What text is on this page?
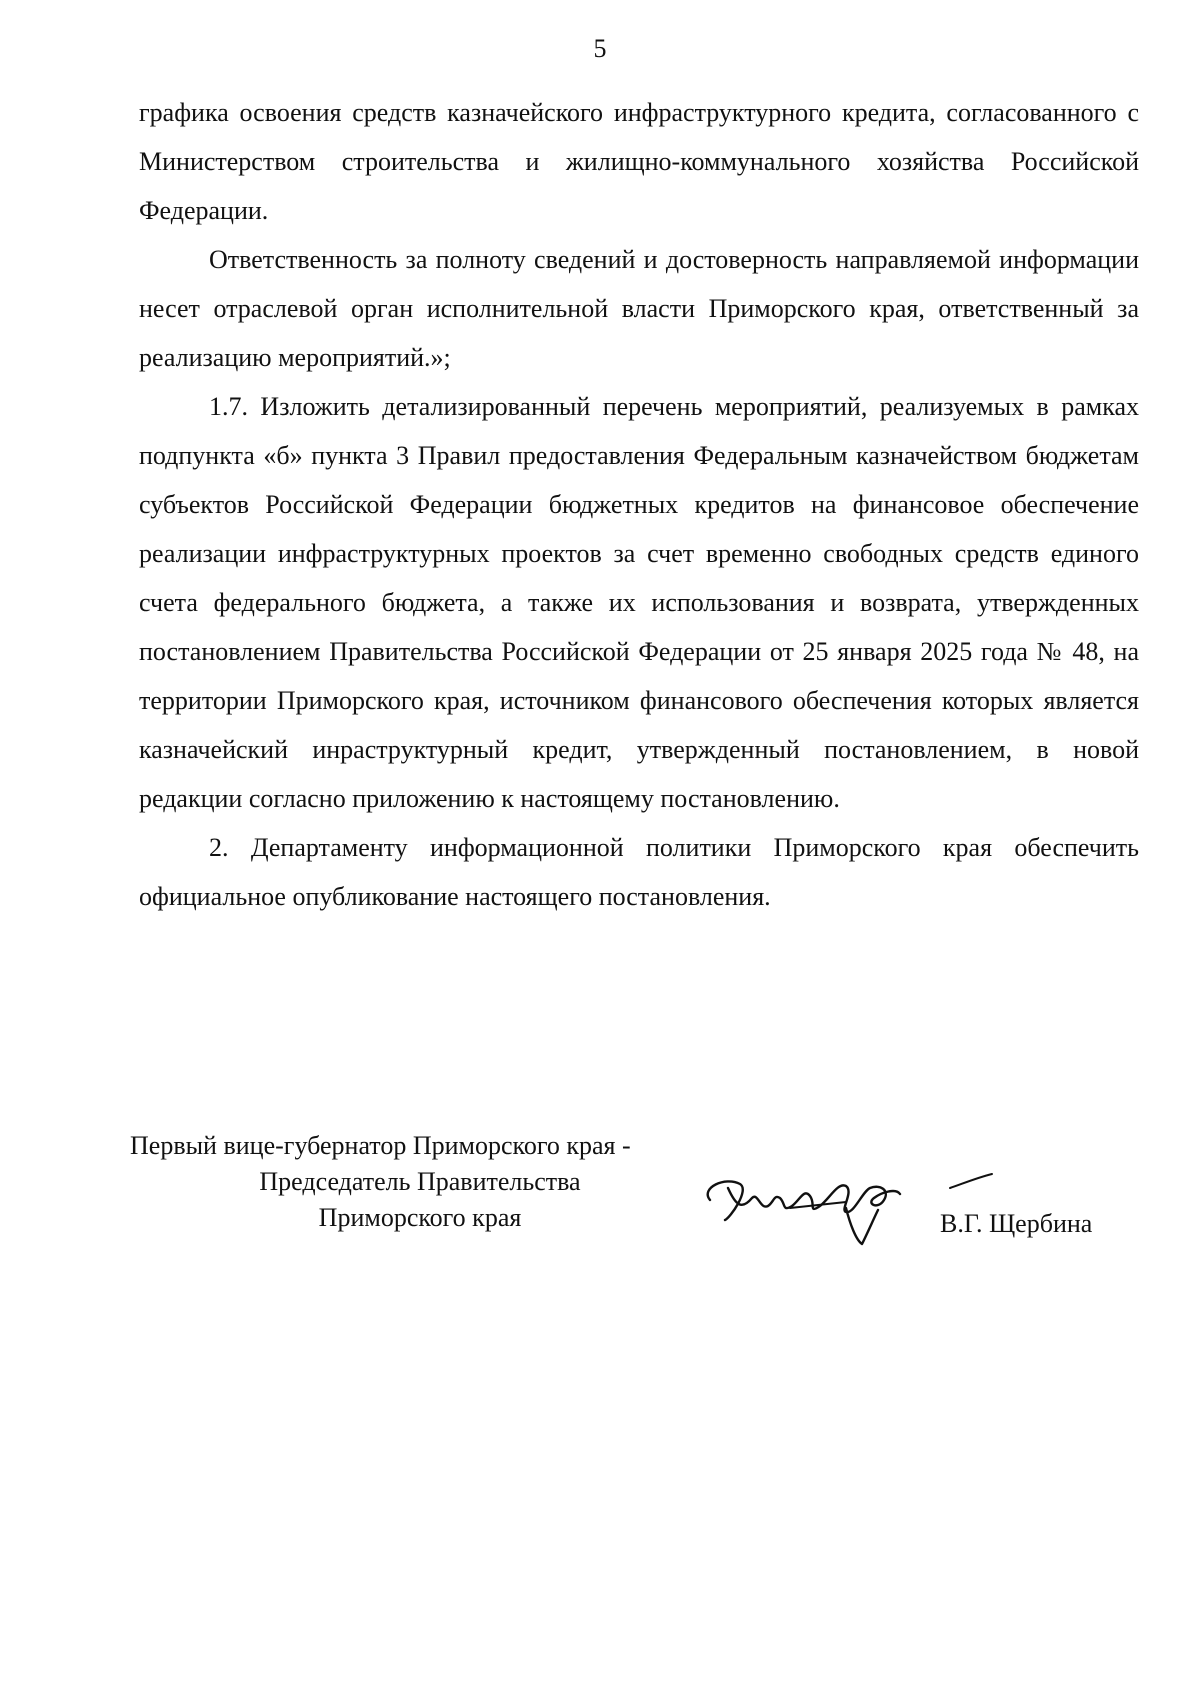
5

графика освоения средств казначейского инфраструктурного кредита, согласованного с Министерством строительства и жилищно-коммунального хозяйства Российской Федерации.

Ответственность за полноту сведений и достоверность направляемой информации несет отраслевой орган исполнительной власти Приморского края, ответственный за реализацию мероприятий.»;

1.7. Изложить детализированный перечень мероприятий, реализуемых в рамках подпункта «б» пункта 3 Правил предоставления Федеральным казначейством бюджетам субъектов Российской Федерации бюджетных кредитов на финансовое обеспечение реализации инфраструктурных проектов за счет временно свободных средств единого счета федерального бюджета, а также их использования и возврата, утвержденных постановлением Правительства Российской Федерации от 25 января 2025 года № 48, на территории Приморского края, источником финансового обеспечения которых является казначейский инраструктурный кредит, утвержденный постановлением, в новой редакции согласно приложению к настоящему постановлению.

2. Департаменту информационной политики Приморского края обеспечить официальное опубликование настоящего постановления.

Первый вице-губернатор Приморского края -
Председатель Правительства
Приморского края	В.Г. Щербина
